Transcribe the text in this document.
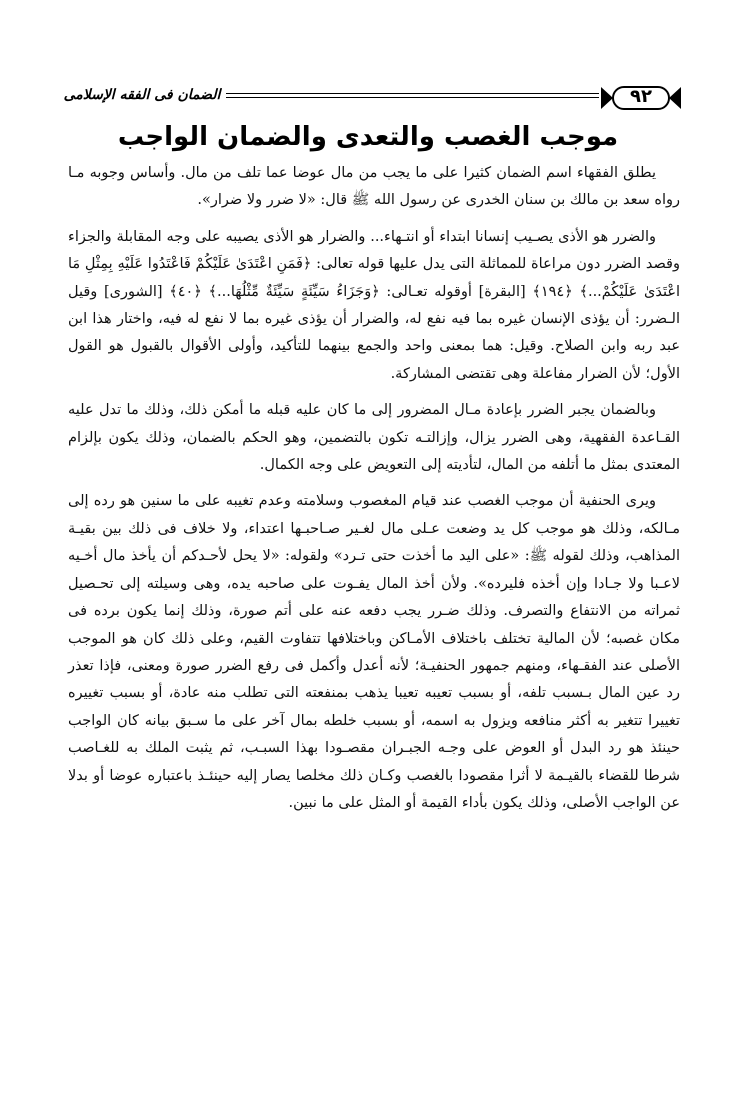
الضمان فى الفقه الإسلامى	٩٢
موجب الغصب والتعدى والضمان الواجب

يطلق الفقهاء اسم الضمان كثيرا على ما يجب من مال عوضا عما تلف من مال. وأساس وجوبه مـا رواه سعد بن مالك بن سنان الخدرى عن رسول الله ﷺ قال: «لا ضرر ولا ضرار».

والضرر هو الأذى يصـيب إنسانا ابتداء أو انتـهاء... والضرار هو الأذى يصيبه على وجه المقابلة والجزاء وقصد الضرر دون مراعاة للمماثلة التى يدل عليها قوله تعالى: ﴿فَمَنِ اعْتَدَىٰ عَلَيْكُمْ فَاعْتَدُوا عَلَيْهِ بِمِثْلِ مَا اعْتَدَىٰ عَلَيْكُمْ...﴾ ﴿١٩٤﴾ [البقرة] أوقوله تعـالى: ﴿وَجَزَاءُ سَيِّئَةٍ سَيِّئَةٌ مِّثْلُهَا...﴾ ﴿٤٠﴾ [الشورى] وقيل الـضرر: أن يؤذى الإنسان غيره بما فيه نفع له، والضرار أن يؤذى غيره بما لا نفع له فيه، واختار هذا ابن عبد ربه وابن الصلاح. وقيل: هما بمعنى واحد والجمع بينهما للتأكيد، وأولى الأقوال بالقبول هو القول الأول؛ لأن الضرار مفاعلة وهى تقتضى المشاركة.

وبالضمان يجبر الضرر بإعادة مـال المضرور إلى ما كان عليه قبله ما أمكن ذلك، وذلك ما تدل عليه القـاعدة الفقهية، وهى الضرر يزال، وإزالتـه تكون بالتضمين، وهو الحكم بالضمان، وذلك يكون بإلزام المعتدى بمثل ما أتلفه من المال، لتأديته إلى التعويض على وجه الكمال.

ويرى الحنفية أن موجب الغصب عند قيام المغصوب وسلامته وعدم تغيبه على ما سنين هو رده إلى مـالكه، وذلك هو موجب كل يد وضعت عـلى مال لغـير صـاحبـها اعتداء، ولا خلاف فى ذلك بين بقيـة المذاهب، وذلك لقوله ﷺ: «على اليد ما أخذت حتى تـرد» ولقوله: «لا يحل لأحـدكم أن يأخذ مال أخـيه لاعـبا ولا جـادا وإن أخذه فليرده». ولأن أخذ المال يفـوت على صاحبه يده، وهى وسيلته إلى تحـصيل ثمراته من الانتفاع والتصرف. وذلك ضـرر يجب دفعه عنه على أتم صورة، وذلك إنما يكون برده فى مكان غصبه؛ لأن المالية تختلف باختلاف الأمـاكن وباختلافها تتفاوت القيم، وعلى ذلك كان هو الموجب الأصلى عند الفقـهاء، ومنهم جمهور الحنفيـة؛ لأنه أعدل وأكمل فى رفع الضرر صورة ومعنى، فإذا تعذر رد عين المال بـسبب تلفه، أو بسبب تعيبه تعيبا يذهب بمنفعته التى تطلب منه عادة، أو بسبب تغييره تغييرا تتغير به أكثر منافعه ويزول به اسمه، أو بسبب خلطه بمال آخر على ما سـبق بيانه كان الواجب حينئذ هو رد البدل أو العوض على وجـه الجبـران مقصـودا بهذا السبـب، ثم يثبت الملك به للغـاصب شرطا للقضاء بالقيـمة لا أثرا مقصودا بالغصب وكـان ذلك مخلصا يصار إليه حينئـذ باعتباره عوضا أو بدلا عن الواجب الأصلى، وذلك يكون بأداء القيمة أو المثل على ما نبين.
